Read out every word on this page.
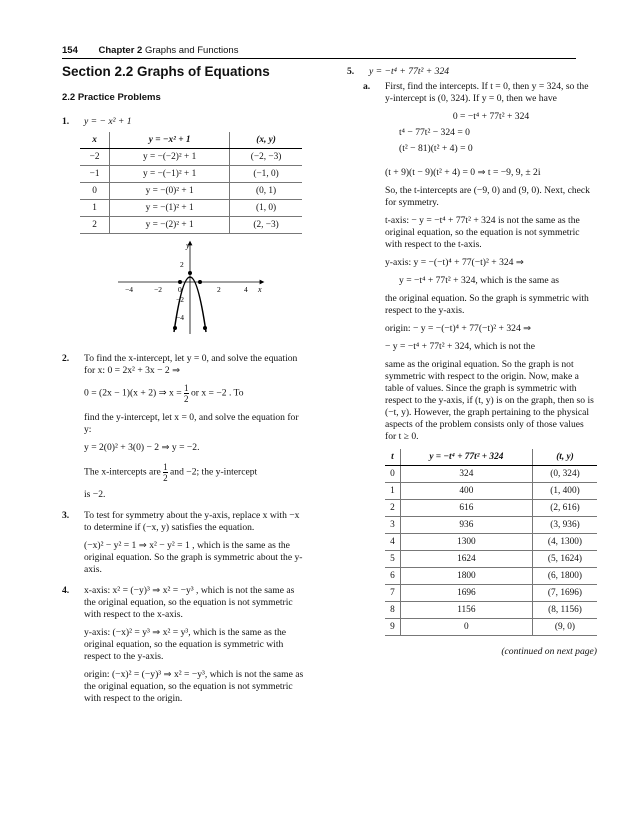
154 Chapter 2 Graphs and Functions
Section 2.2 Graphs of Equations
2.2 Practice Problems
1.	y = − x² + 1
x	y = −x² + 1	(x, y)
−2	y = −(−2)² + 1	(−2, −3)
−1	y = −(−1)² + 1	(−1, 0)
0	y = −(0)² + 1	(0, 1)
1	y = −(1)² + 1	(1, 0)
2	y = −(2)² + 1	(2, −3)
y
x
−4	−2 0	2	4
2
−2
−4
2.	To find the x-intercept, let y = 0, and solve the equation for x: 0 = 2x² + 3x − 2 ⇒

0 = (2x − 1)(x + 2) ⇒ $x = \frac{1}{2}$ or x = −2 . To

find the y-intercept, let x = 0, and solve the equation for y:

y = 2(0)² + 3(0) − 2 ⇒ y = −2.

The x-intercepts are $\frac{1}{2}$ and −2; the y-intercept

is −2.

3.	To test for symmetry about the y-axis, replace x with −x to determine if (−x, y) satisfies the equation.

(−x)² − y² = 1 ⇒ x² − y² = 1 , which is the same as the original equation. So the graph is symmetric about the y-axis.

4.	x-axis: x² = (−y)³ ⇒ x² = −y³ , which is not the same as the original equation, so the equation is not symmetric with respect to the x-axis.

y-axis: (−x)² = y³ ⇒ x² = y³, which is the same as the original equation, so the equation is symmetric with respect to the y-axis.

origin: (−x)² = (−y)³ ⇒ x² = −y³, which is not the same as the original equation, so the equation is not symmetric with respect to the origin.

5.	y = −t⁴ + 77t² + 324
a.	First, find the intercepts. If t = 0, then y = 324, so the y-intercept is (0, 324). If y = 0, then we have

0 = −t⁴ + 77t² + 324
t⁴ − 77t² − 324 = 0
(t² − 81)(t² + 4) = 0

(t + 9)(t − 9)(t² + 4) = 0 ⇒ t = −9, 9, ± 2i

So, the t-intercepts are (−9, 0) and (9, 0). Next, check for symmetry.

t-axis: − y = −t⁴ + 77t² + 324 is not the same as the original equation, so the equation is not symmetric with respect to the t-axis.

y-axis: y = −(−t)⁴ + 77(−t)² + 324 ⇒

y = −t⁴ + 77t² + 324, which is the same as

the original equation. So the graph is symmetric with respect to the y-axis.

origin: − y = −(−t)⁴ + 77(−t)² + 324 ⇒

− y = −t⁴ + 77t² + 324, which is not the

same as the original equation. So the graph is not symmetric with respect to the origin. Now, make a table of values. Since the graph is symmetric with respect to the y-axis, if (t, y) is on the graph, then so is (−t, y). However, the graph pertaining to the physical aspects of the problem consists only of those values for t ≥ 0.

t	y = −t⁴ + 77t² + 324	(t, y)
0	324	(0, 324)
1	400	(1, 400)
2	616	(2, 616)
3	936	(3, 936)
4	1300	(4, 1300)
5	1624	(5, 1624)
6	1800	(6, 1800)
7	1696	(7, 1696)
8	1156	(8, 1156)
9	0	(9, 0)
(continued on next page)
